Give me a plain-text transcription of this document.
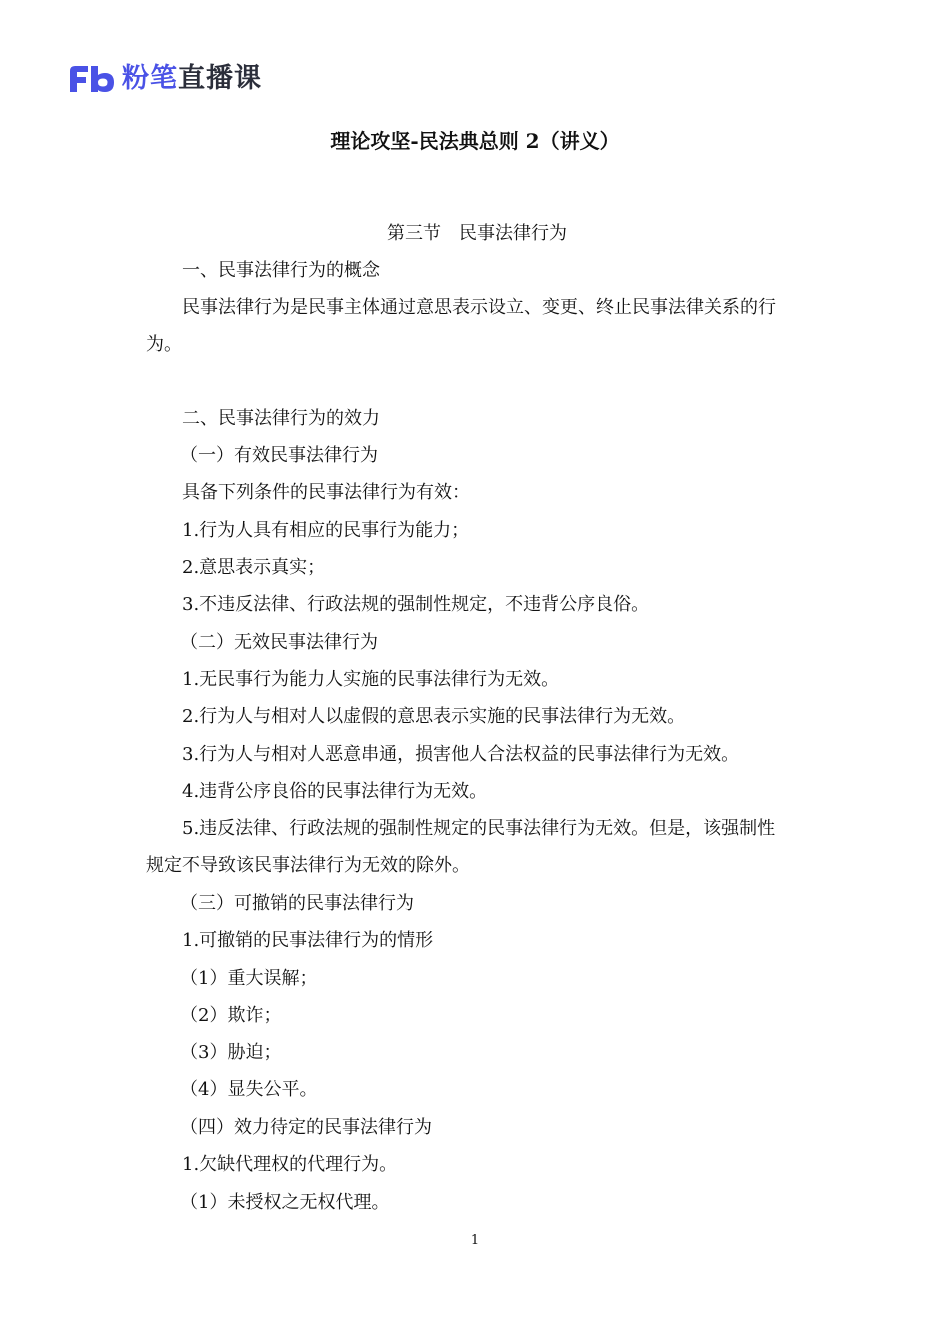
粉笔直播课
理论攻坚-民法典总则 2（讲义）
第三节　民事法律行为
一、民事法律行为的概念
民事法律行为是民事主体通过意思表示设立、变更、终止民事法律关系的行
为。
二、民事法律行为的效力
（一）有效民事法律行为
具备下列条件的民事法律行为有效：
1.行为人具有相应的民事行为能力；
2.意思表示真实；
3.不违反法律、行政法规的强制性规定，不违背公序良俗。
（二）无效民事法律行为
1.无民事行为能力人实施的民事法律行为无效。
2.行为人与相对人以虚假的意思表示实施的民事法律行为无效。
3.行为人与相对人恶意串通，损害他人合法权益的民事法律行为无效。
4.违背公序良俗的民事法律行为无效。
5.违反法律、行政法规的强制性规定的民事法律行为无效。但是，该强制性
规定不导致该民事法律行为无效的除外。
（三）可撤销的民事法律行为
1.可撤销的民事法律行为的情形
（1）重大误解；
（2）欺诈；
（3）胁迫；
（4）显失公平。
（四）效力待定的民事法律行为
1.欠缺代理权的代理行为。
（1）未授权之无权代理。
1
